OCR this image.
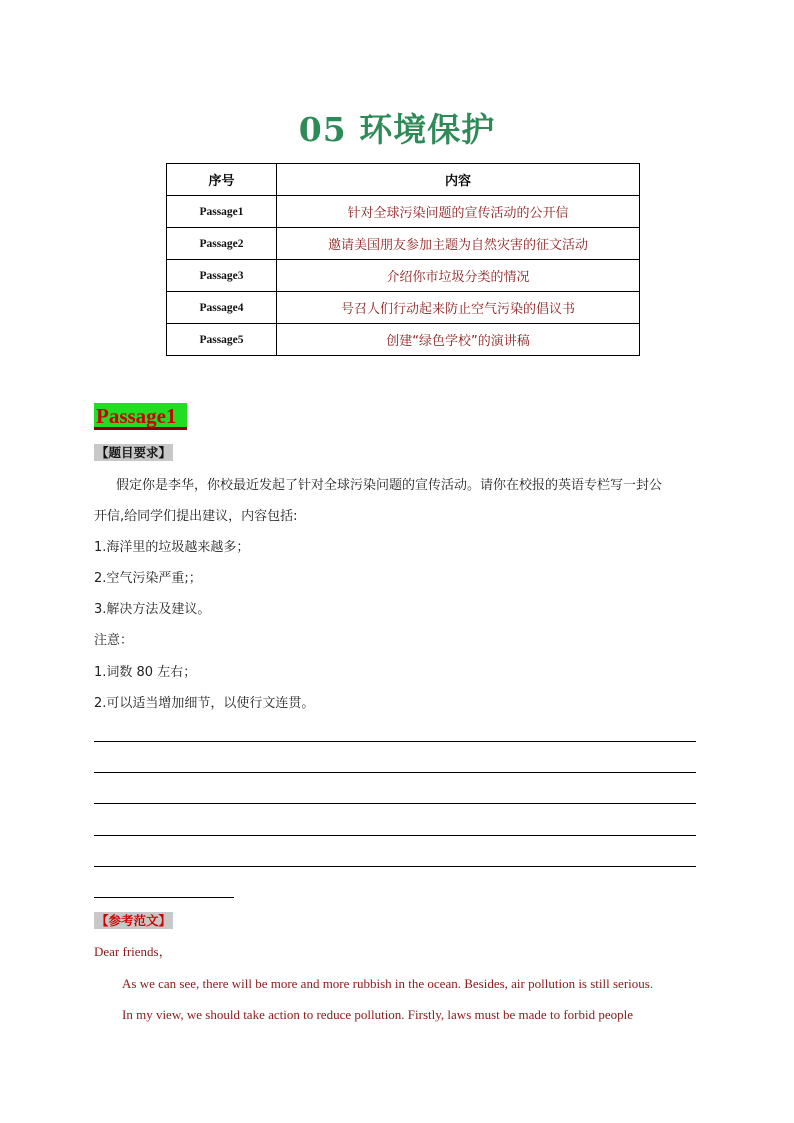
05 环境保护
序号	内容
Passage1	针对全球污染问题的宣传活动的公开信
Passage2	邀请美国朋友参加主题为自然灾害的征文活动
Passage3	介绍你市垃圾分类的情况
Passage4	号召人们行动起来防止空气污染的倡议书
Passage5	创建“绿色学校”的演讲稿
Passage1
【题目要求】
假定你是李华，你校最近发起了针对全球污染问题的宣传活动。请你在校报的英语专栏写一封公
开信,给同学们提出建议，内容包括:
1.海洋里的垃圾越来越多；
2.空气污染严重;；
3.解决方法及建议。
注意：
1.词数 80 左右；
2.可以适当增加细节，以使行文连贯。
【参考范文】
Dear friends，
As we can see, there will be more and more rubbish in the ocean. Besides, air pollution is still serious.
In my view, we should take action to reduce pollution. Firstly, laws must be made to forbid people
